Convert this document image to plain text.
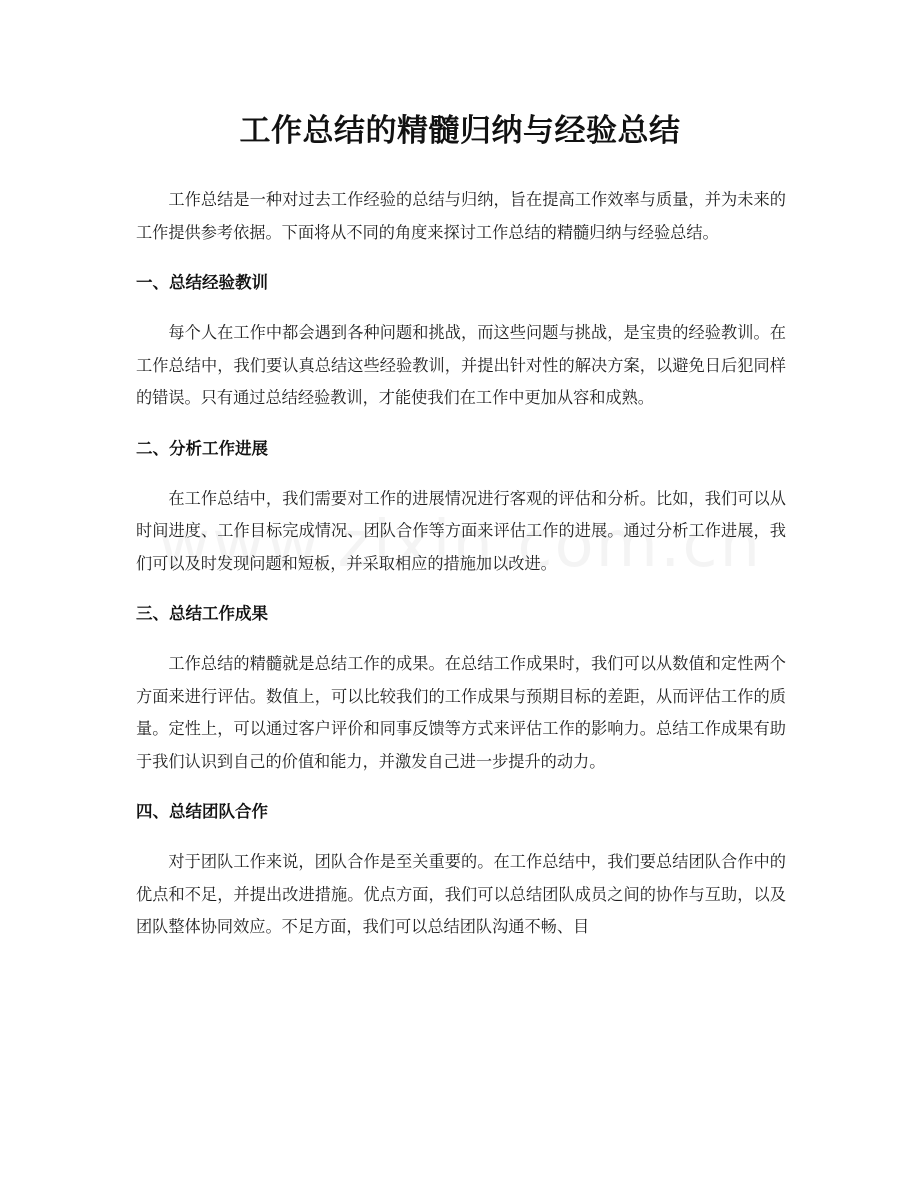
工作总结的精髓归纳与经验总结

工作总结是一种对过去工作经验的总结与归纳，旨在提高工作效率与质量，并为未来的工作提供参考依据。下面将从不同的角度来探讨工作总结的精髓归纳与经验总结。

一、总结经验教训

每个人在工作中都会遇到各种问题和挑战，而这些问题与挑战，是宝贵的经验教训。在工作总结中，我们要认真总结这些经验教训，并提出针对性的解决方案，以避免日后犯同样的错误。只有通过总结经验教训，才能使我们在工作中更加从容和成熟。

二、分析工作进展

在工作总结中，我们需要对工作的进展情况进行客观的评估和分析。比如，我们可以从时间进度、工作目标完成情况、团队合作等方面来评估工作的进展。通过分析工作进展，我们可以及时发现问题和短板，并采取相应的措施加以改进。

三、总结工作成果

工作总结的精髓就是总结工作的成果。在总结工作成果时，我们可以从数值和定性两个方面来进行评估。数值上，可以比较我们的工作成果与预期目标的差距，从而评估工作的质量。定性上，可以通过客户评价和同事反馈等方式来评估工作的影响力。总结工作成果有助于我们认识到自己的价值和能力，并激发自己进一步提升的动力。

四、总结团队合作

对于团队工作来说，团队合作是至关重要的。在工作总结中，我们要总结团队合作中的优点和不足，并提出改进措施。优点方面，我们可以总结团队成员之间的协作与互助，以及团队整体协同效应。不足方面，我们可以总结团队沟通不畅、目
